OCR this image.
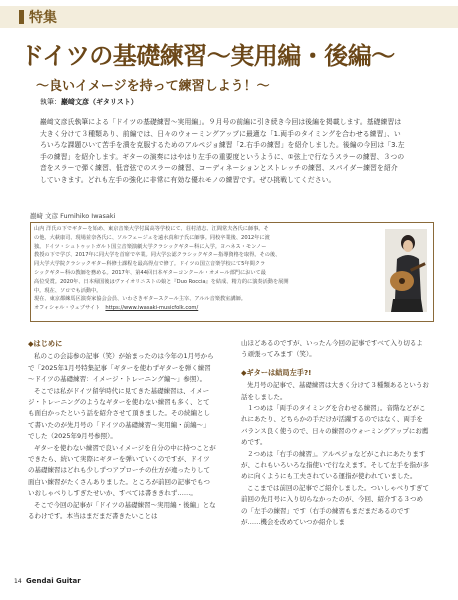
特集
ドイツの基礎練習～実用編・後編～
～良いイメージを持って練習しよう！～
執筆：巖﨑文彦（ギタリスト）
巖﨑文彦氏執筆による「ドイツの基礎練習～実用編」。９月号の前編に引き続き今回は後編を掲載します。基礎練習は
大きく分けて３種類あり、前編では、日々のウォーミングアップに最適な「1.両手のタイミングを合わせる練習」、い
ろいろな課題ひいて苦手を潰を克服するためのアルペジョ練習「2.右手の練習」を紹介しました。後編の今回は「3.左
手の練習」を紹介します。ギターの演奏にはやはり左手の重要度というように、①弦上で行なうスラーの練習、３つの
音をスラーで弾く練習、低音弦でのスラーの練習、コーディネーションとストレッチの練習、スパイダー練習を紹介
していきます。どれも左手の強化に非常に有効な優れモノの練習です。ぜひ挑戦してください。
巖﨑 文彦 Fumihiko Iwasaki
山内 洋氏の下でギターを始め、東京音楽大学付属高等学校にて、荘村清志、江間常夫各氏に師事。そ
の他、大萩康司、現場並奈各氏に、ソルフェージュを遠水真和子氏に師事。同校卒業後、2012年に渡
独。ドイツ・シュトゥットガルト国立音楽演劇大学クラシックギター科に入学。ヨハネス・モンノー
教授の下で学び、2017年に同大学を首席で卒業。同大学公認クラシックギター指導資格を取得。その後、
同大学大学院クラシックギター科修士課程を最高得点で修了。ドイツの国立音楽学校にて5年間クラ
シックギター科の教師を務める。2017年、第44回日本ギターコンクール・オメール部門において最
高位受賞。2020年、日本帰国後はヴァイオリニストの娘と『Duo Roccia』を結成、精力的に演奏活動を展開
中。現在、ソロでも活動中。
現在、東京都練馬区演奏家協会会員、いわさきギタースクール主宰、アルル音楽教室講師。
オフィシャル・ウェブサイト　 https://www.iwasaki-musicfolk.com/
◆はじめに

私のこの会誌参の記事（笑）が始まったのは今年の1月号からで「2025年1月号特集記事「ギターを使わずギターを弾く練習～ドイツの基礎練習：イメージ・トレーニング編～」参照）。

そこでは私がドイツ留学時代に見てきた基礎練習は、イメージ・トレーニングのようなギターを使わない練習も多く、とても面白かったという話を紹介させて頂きました。その続編として書いたのが先月号の「ドイツの基礎練習～実用編・前編～」でした（2025年9月号参照）。

ギターを使わない練習で良いイメージを自分の中に持つことができたら、続いて実際にギターを弾いていくのですが、ドイツの基礎練習はどれも少しずつアプローチの仕方が違ったりして面白い練習がたくさんありました。ところが前回の記事でもついおしゃべりしすぎたせいか、すべては書ききれず……。

そこで今回の記事が「ドイツの基礎練習～実用編・後編」となるわけです。本当はまだまだ書きたいことは

山ほどあるのですが、いったん今回の記事ですべて入り切るよう頑張ってみます（笑）。

◆ギターは結局左手?!

先月号の記事で、基礎練習は大きく分けて３種類あるというお話をしました。

１つめは「両手のタイミングを合わせる練習」。音階などがこれにあたり、どちらかの手だけが活躍するのではなく、両手をバランス良く使うので、日々の練習のウォーミングアップにお薦めです。

２つめは「右手の練習」。アルペジョなどがこれにあたりますが、これもいろいろな指使いで行なえます。そして左手を指が多めに向くようにも工夫されている運指が使われていました。

ここまでは前回の記事でご紹介しました。ついしゃべりすぎて前回の先月号に入り切らなかったのが、今回、紹介する３つめの「左手の練習」です（右手の練習もまだまだあるのですが……機会を改めていつか紹介しま

14 Gendai Guitar
